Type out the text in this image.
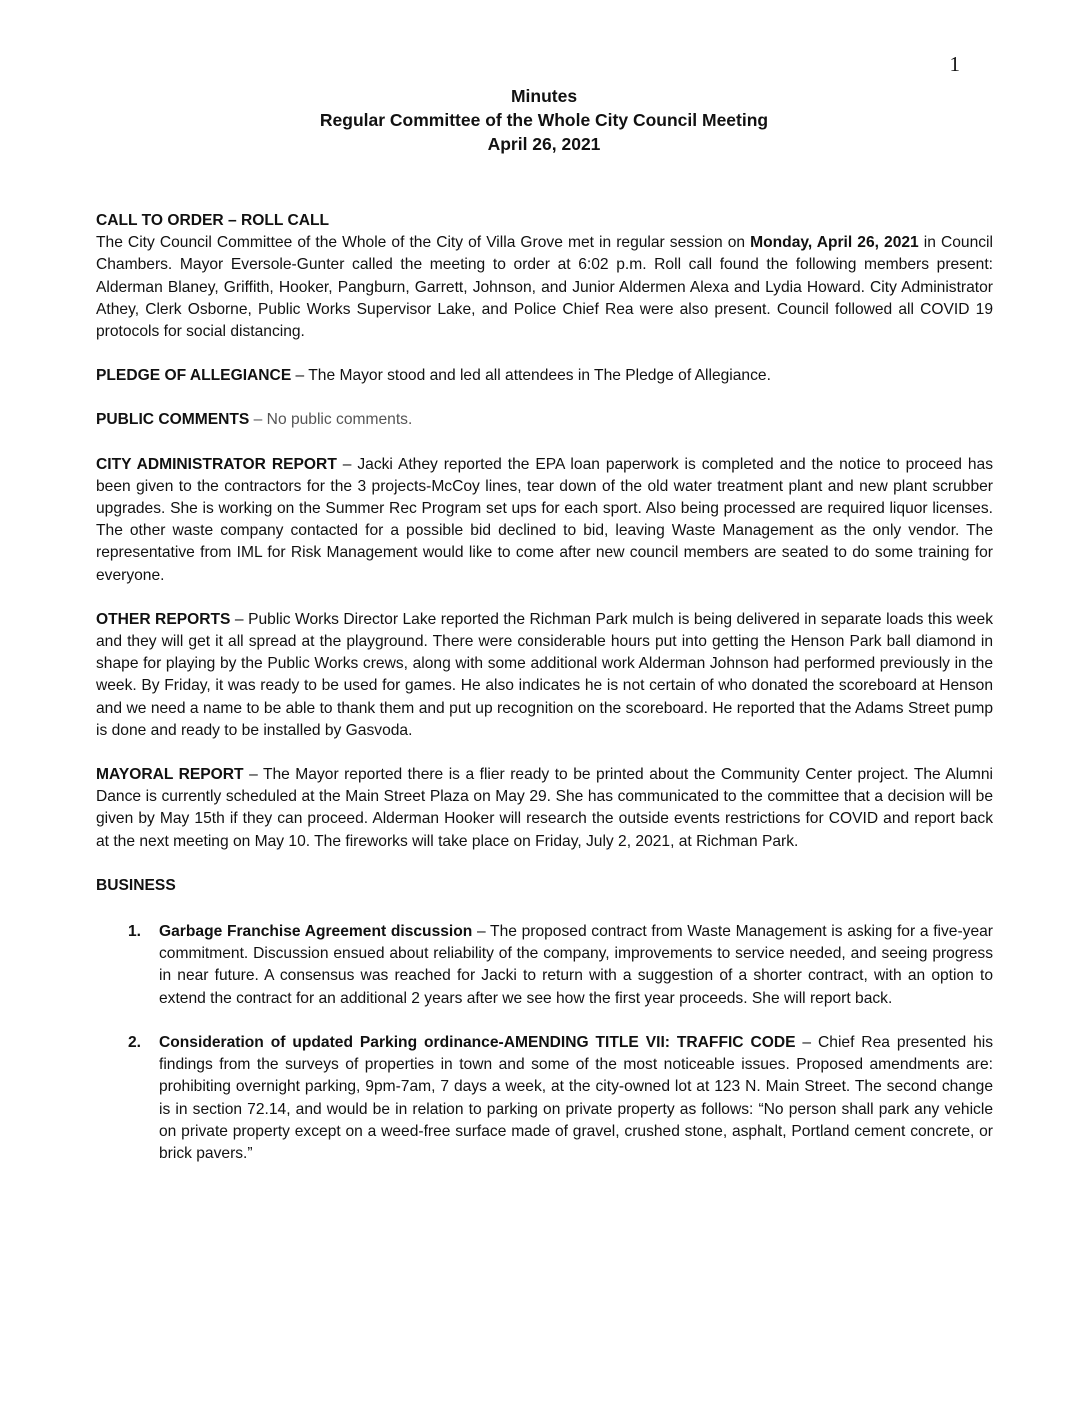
1
Minutes
Regular Committee of the Whole City Council Meeting
April 26, 2021

CALL TO ORDER – ROLL CALL
The City Council Committee of the Whole of the City of Villa Grove met in regular session on Monday, April 26, 2021 in Council Chambers. Mayor Eversole-Gunter called the meeting to order at 6:02 p.m. Roll call found the following members present: Alderman Blaney, Griffith, Hooker, Pangburn, Garrett, Johnson, and Junior Aldermen Alexa and Lydia Howard. City Administrator Athey, Clerk Osborne, Public Works Supervisor Lake, and Police Chief Rea were also present. Council followed all COVID 19 protocols for social distancing.

PLEDGE OF ALLEGIANCE – The Mayor stood and led all attendees in The Pledge of Allegiance.

PUBLIC COMMENTS – No public comments.

CITY ADMINISTRATOR REPORT – Jacki Athey reported the EPA loan paperwork is completed and the notice to proceed has been given to the contractors for the 3 projects-McCoy lines, tear down of the old water treatment plant and new plant scrubber upgrades. She is working on the Summer Rec Program set ups for each sport. Also being processed are required liquor licenses. The other waste company contacted for a possible bid declined to bid, leaving Waste Management as the only vendor. The representative from IML for Risk Management would like to come after new council members are seated to do some training for everyone.

OTHER REPORTS – Public Works Director Lake reported the Richman Park mulch is being delivered in separate loads this week and they will get it all spread at the playground. There were considerable hours put into getting the Henson Park ball diamond in shape for playing by the Public Works crews, along with some additional work Alderman Johnson had performed previously in the week. By Friday, it was ready to be used for games. He also indicates he is not certain of who donated the scoreboard at Henson and we need a name to be able to thank them and put up recognition on the scoreboard. He reported that the Adams Street pump is done and ready to be installed by Gasvoda.

MAYORAL REPORT – The Mayor reported there is a flier ready to be printed about the Community Center project. The Alumni Dance is currently scheduled at the Main Street Plaza on May 29. She has communicated to the committee that a decision will be given by May 15th if they can proceed. Alderman Hooker will research the outside events restrictions for COVID and report back at the next meeting on May 10. The fireworks will take place on Friday, July 2, 2021, at Richman Park.

BUSINESS
1. Garbage Franchise Agreement discussion – The proposed contract from Waste Management is asking for a five-year commitment. Discussion ensued about reliability of the company, improvements to service needed, and seeing progress in near future. A consensus was reached for Jacki to return with a suggestion of a shorter contract, with an option to extend the contract for an additional 2 years after we see how the first year proceeds. She will report back.
2. Consideration of updated Parking ordinance-AMENDING TITLE VII: TRAFFIC CODE – Chief Rea presented his findings from the surveys of properties in town and some of the most noticeable issues. Proposed amendments are: prohibiting overnight parking, 9pm-7am, 7 days a week, at the city-owned lot at 123 N. Main Street. The second change is in section 72.14, and would be in relation to parking on private property as follows: “No person shall park any vehicle on private property except on a weed-free surface made of gravel, crushed stone, asphalt, Portland cement concrete, or brick pavers.”
